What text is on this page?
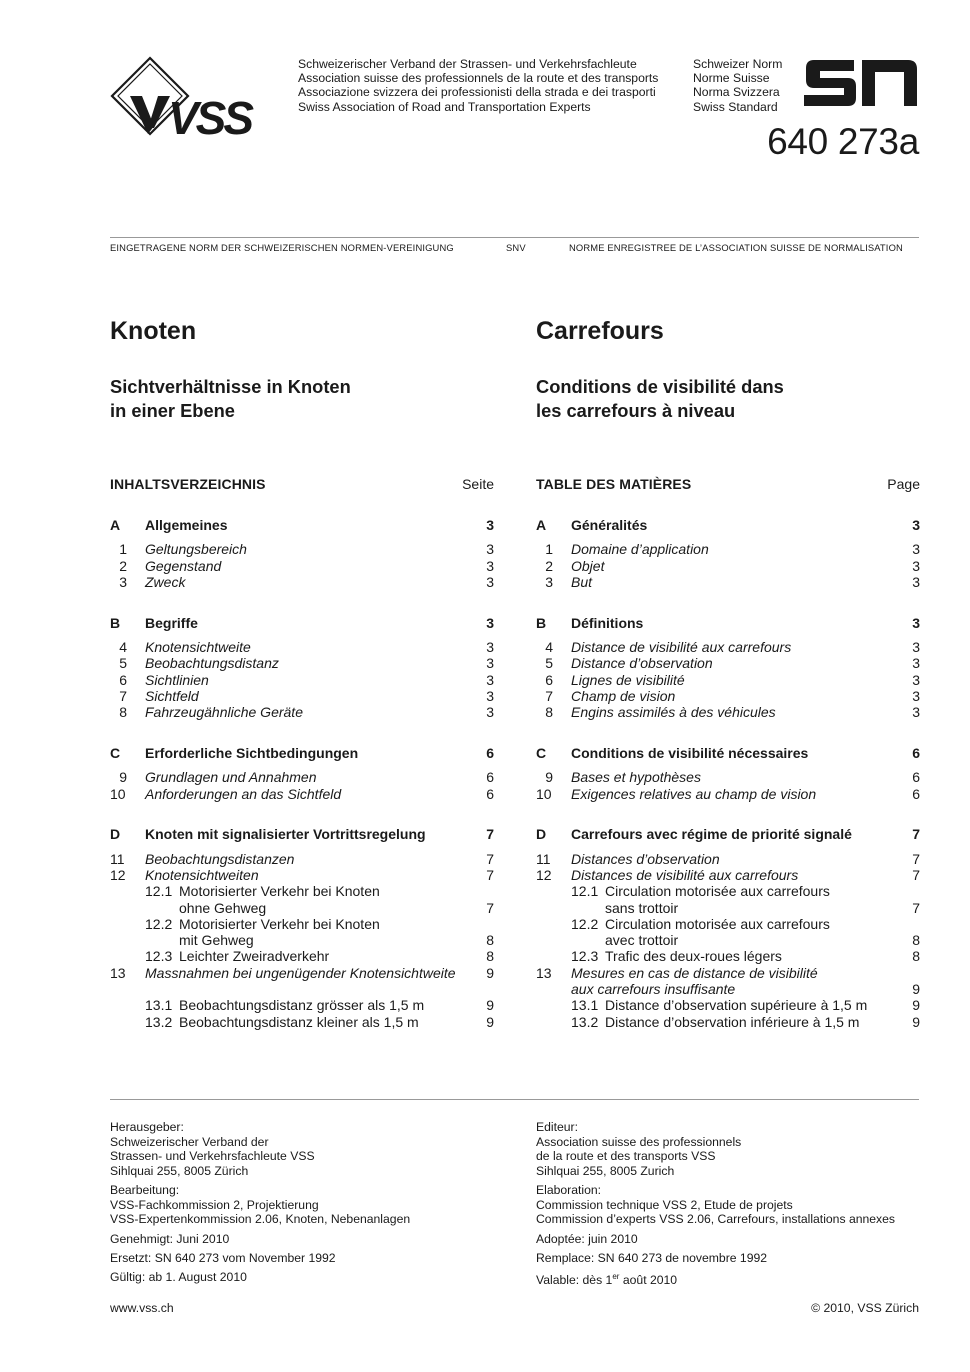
VSS
Schweizerischer Verband der Strassen- und Verkehrsfachleute
Association suisse des professionnels de la route et des transports
Associazione svizzera dei professionisti della strada e dei trasporti
Swiss Association of Road and Transportation Experts
Schweizer Norm
Norme Suisse
Norma Svizzera
Swiss Standard
640 273a
EINGETRAGENE NORM DER SCHWEIZERISCHEN NORMEN-VEREINIGUNG	SNV	NORME ENREGISTREE DE L’ASSOCIATION SUISSE DE NORMALISATION
Knoten
Sichtverhältnisse in Knoten
in einer Ebene
INHALTSVERZEICHNIS	Seite
A	Allgemeines	3
1	Geltungsbereich	3
2	Gegenstand	3
3	Zweck	3
B	Begriffe	3
4	Knotensichtweite	3
5	Beobachtungsdistanz	3
6	Sichtlinien	3
7	Sichtfeld	3
8	Fahrzeugähnliche Geräte	3
C	Erforderliche Sichtbedingungen	6
9	Grundlagen und Annahmen	6
10	Anforderungen an das Sichtfeld	6
D	Knoten mit signalisierter Vortrittsregelung	7
11	Beobachtungsdistanzen	7
12	Knotensichtweiten	7
12.1 Motorisierter Verkehr bei Knoten
ohne Gehweg	7
12.2 Motorisierter Verkehr bei Knoten
mit Gehweg	8
12.3 Leichter Zweiradverkehr	8
13	Massnahmen bei ungenügender Knotensichtweite	9
13.1 Beobachtungsdistanz grösser als 1,5 m	9
13.2 Beobachtungsdistanz kleiner als 1,5 m	9
Carrefours
Conditions de visibilité dans
les carrefours à niveau
TABLE DES MATIÈRES	Page
A	Généralités	3
1	Domaine d’application	3
2	Objet	3
3	But	3
B	Définitions	3
4	Distance de visibilité aux carrefours	3
5	Distance d’observation	3
6	Lignes de visibilité	3
7	Champ de vision	3
8	Engins assimilés à des véhicules	3
C	Conditions de visibilité nécessaires	6
9	Bases et hypothèses	6
10	Exigences relatives au champ de vision	6
D	Carrefours avec régime de priorité signalé	7
11	Distances d’observation	7
12	Distances de visibilité aux carrefours	7
12.1 Circulation motorisée aux carrefours
sans trottoir	7
12.2 Circulation motorisée aux carrefours
avec trottoir	8
12.3 Trafic des deux-roues légers	8
13	Mesures en cas de distance de visibilité
aux carrefours insuffisante	9
13.1 Distance d’observation supérieure à 1,5 m	9
13.2 Distance d’observation inférieure à 1,5 m	9
Herausgeber:
Schweizerischer Verband der
Strassen- und Verkehrsfachleute VSS
Sihlquai 255, 8005 Zürich
Bearbeitung:
VSS-Fachkommission 2, Projektierung
VSS-Expertenkommission 2.06, Knoten, Nebenanlagen
Genehmigt: Juni 2010
Ersetzt: SN 640 273 vom November 1992
Gültig: ab 1. August 2010
Editeur:
Association suisse des professionnels
de la route et des transports VSS
Sihlquai 255, 8005 Zurich
Elaboration:
Commission technique VSS 2, Etude de projets
Commission d’experts VSS 2.06, Carrefours, installations annexes
Adoptée: juin 2010
Remplace: SN 640 273 de novembre 1992
Valable: dès 1er août 2010
www.vss.ch	© 2010, VSS Zürich
